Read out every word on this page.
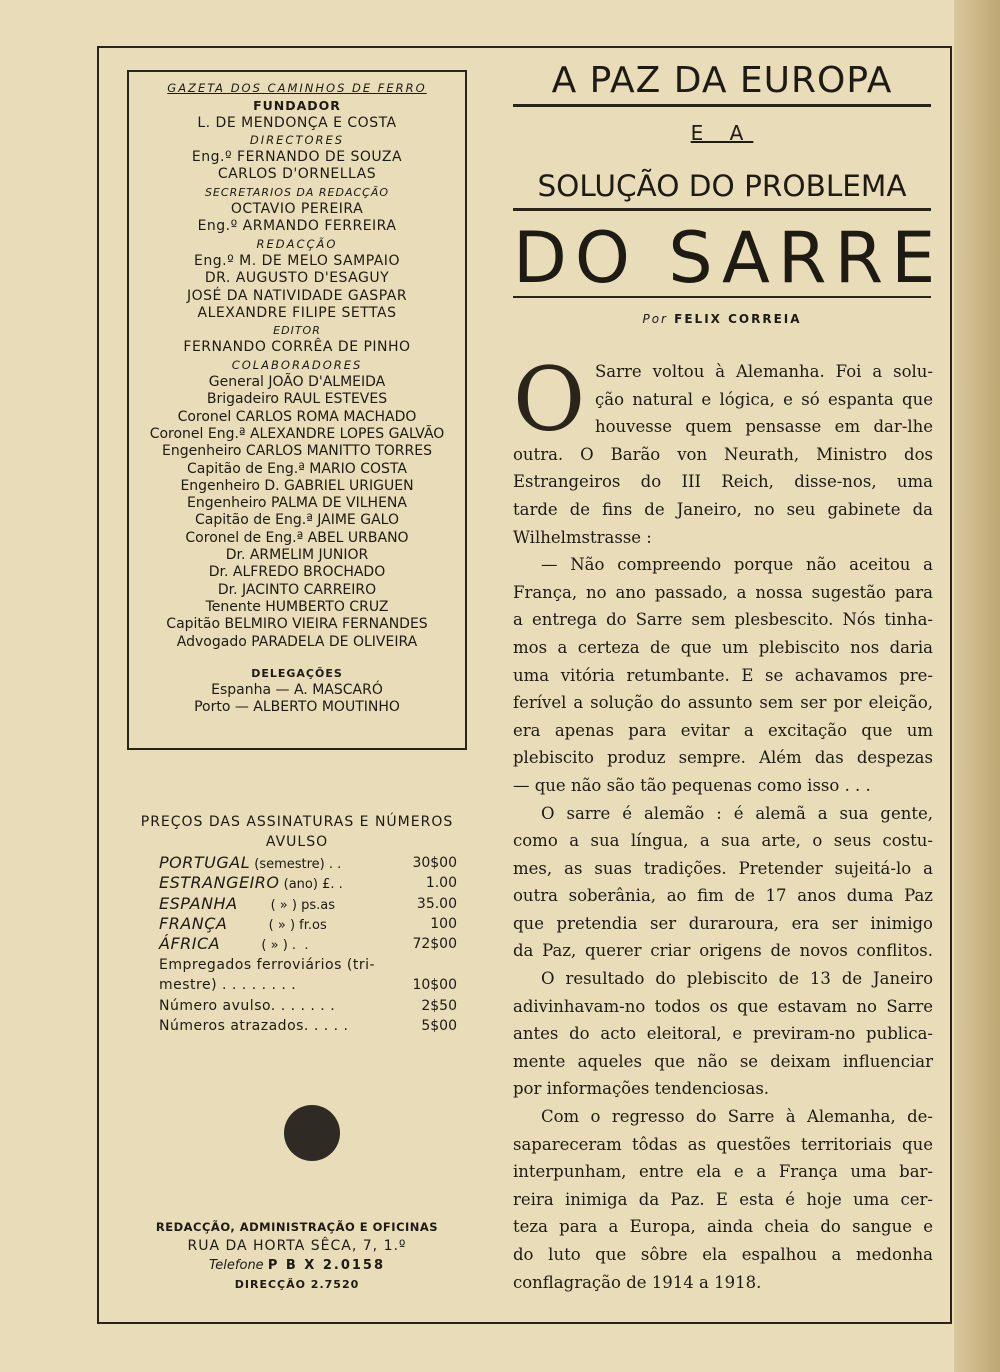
GAZETA DOS CAMINHOS DE FERRO
FUNDADOR
L. DE MENDONÇA E COSTA
DIRECTORES
Eng.º FERNANDO DE SOUZA
CARLOS D'ORNELLAS
SECRETARIOS DA REDACÇÃO
OCTAVIO PEREIRA
Eng.º ARMANDO FERREIRA
REDACÇÃO
Eng.º M. DE MELO SAMPAIO
DR. AUGUSTO D'ESAGUY
JOSÉ DA NATIVIDADE GASPAR
ALEXANDRE FILIPE SETTAS
EDITOR
FERNANDO CORRÊA DE PINHO
COLABORADORES
General JOÃO D'ALMEIDA
Brigadeiro RAUL ESTEVES
Coronel CARLOS ROMA MACHADO
Coronel Eng.ª ALEXANDRE LOPES GALVÃO
Engenheiro CARLOS MANITTO TORRES
Capitão de Eng.ª MARIO COSTA
Engenheiro D. GABRIEL URIGUEN
Engenheiro PALMA DE VILHENA
Capitão de Eng.ª JAIME GALO
Coronel de Eng.ª ABEL URBANO
Dr. ARMELIM JUNIOR
Dr. ALFREDO BROCHADO
Dr. JACINTO CARREIRO
Tenente HUMBERTO CRUZ
Capitão BELMIRO VIEIRA FERNANDES
Advogado PARADELA DE OLIVEIRA
DELEGAÇÕES
Espanha — A. MASCARÓ
Porto — ALBERTO MOUTINHO
PREÇOS DAS ASSINATURAS E NÚMEROS
AVULSO
PORTUGAL (semestre) . .	30$00
ESTRANGEIRO (ano) £. .	1.00
ESPANHA        ( » ) ps.as	35.00
FRANÇA          ( » ) fr.os	100
ÁFRICA          ( » ) .  .	72$00
Empregados ferroviários (tri-
mestre) . . . . . . . .	10$00
Número avulso. . . . . . .	2$50
Números atrazados. . . . .	5$00
REDACÇÃO, ADMINISTRAÇÃO E OFICINAS
RUA DA HORTA SÊCA, 7, 1.º
Telefone P B X 2.0158
DIRECÇÃO 2.7520
A PAZ DA EUROPA
E A
SOLUÇÃO DO PROBLEMA
DO SARRE
Por FELIX CORREIA
O Sarre voltou à Alemanha. Foi a solu-
ção natural e lógica, e só espanta que
houvesse quem pensasse em dar-lhe
outra. O Barão von Neurath, Ministro dos
Estrangeiros do III Reich, disse-nos, uma
tarde de fins de Janeiro, no seu gabinete da
Wilhelmstrasse :
— Não compreendo porque não aceitou a
França, no ano passado, a nossa sugestão para
a entrega do Sarre sem plesbescito. Nós tinha-
mos a certeza de que um plebiscito nos daria
uma vitória retumbante. E se achavamos pre-
ferível a solução do assunto sem ser por eleição,
era apenas para evitar a excitação que um
plebiscito produz sempre. Além das despezas
— que não são tão pequenas como isso . . .
O sarre é alemão : é alemã a sua gente,
como a sua língua, a sua arte, o seus costu-
mes, as suas tradições. Pretender sujeitá-lo a
outra soberânia, ao fim de 17 anos duma Paz
que pretendia ser duraroura, era ser inimigo
da Paz, querer criar origens de novos conflitos.
O resultado do plebiscito de 13 de Janeiro
adivinhavam-no todos os que estavam no Sarre
antes do acto eleitoral, e previram-no publica-
mente aqueles que não se deixam influenciar
por informações tendenciosas.
Com o regresso do Sarre à Alemanha, de-
sapareceram tôdas as questões territoriais que
interpunham, entre ela e a França uma bar-
reira inimiga da Paz. E esta é hoje uma cer-
teza para a Europa, ainda cheia do sangue e
do luto que sôbre ela espalhou a medonha
conflagração de 1914 a 1918.
